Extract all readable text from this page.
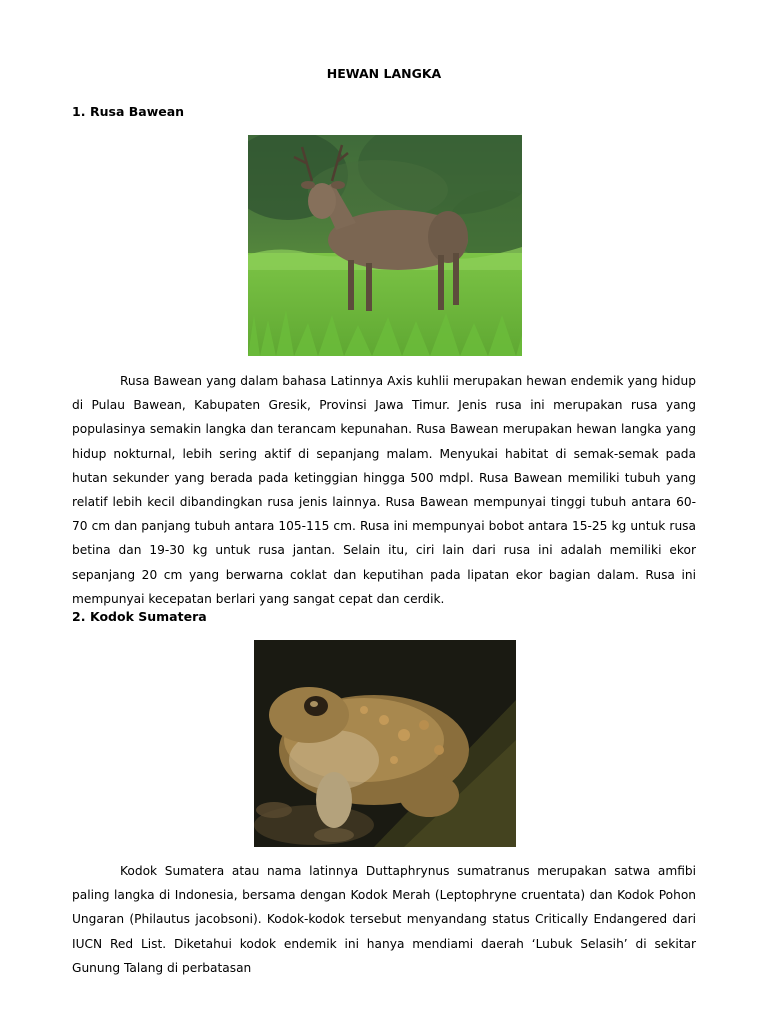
HEWAN LANGKA
1. Rusa Bawean

Rusa Bawean yang dalam bahasa Latinnya Axis kuhlii merupakan hewan endemik yang hidup di Pulau Bawean, Kabupaten Gresik, Provinsi Jawa Timur. Jenis rusa ini merupakan rusa yang populasinya semakin langka dan terancam kepunahan. Rusa Bawean merupakan hewan langka yang hidup nokturnal, lebih sering aktif di sepanjang malam. Menyukai habitat di semak-semak pada hutan sekunder yang berada pada ketinggian hingga 500 mdpl. Rusa Bawean memiliki tubuh yang relatif lebih kecil dibandingkan rusa jenis lainnya. Rusa Bawean mempunyai tinggi tubuh antara 60-70 cm dan panjang tubuh antara 105-115 cm. Rusa ini mempunyai bobot antara 15-25 kg untuk rusa betina dan 19-30 kg untuk rusa jantan. Selain itu, ciri lain dari rusa ini adalah memiliki ekor sepanjang 20 cm yang berwarna coklat dan keputihan pada lipatan ekor bagian dalam. Rusa ini mempunyai kecepatan berlari yang sangat cepat dan cerdik.

2. Kodok Sumatera

Kodok Sumatera atau nama latinnya Duttaphrynus sumatranus merupakan satwa amfibi paling langka di Indonesia, bersama dengan Kodok Merah (Leptophryne cruentata) dan Kodok Pohon Ungaran (Philautus jacobsoni). Kodok-kodok tersebut menyandang status Critically Endangered dari IUCN Red List. Diketahui kodok endemik ini hanya mendiami daerah ‘Lubuk Selasih’ di sekitar Gunung Talang di perbatasan
